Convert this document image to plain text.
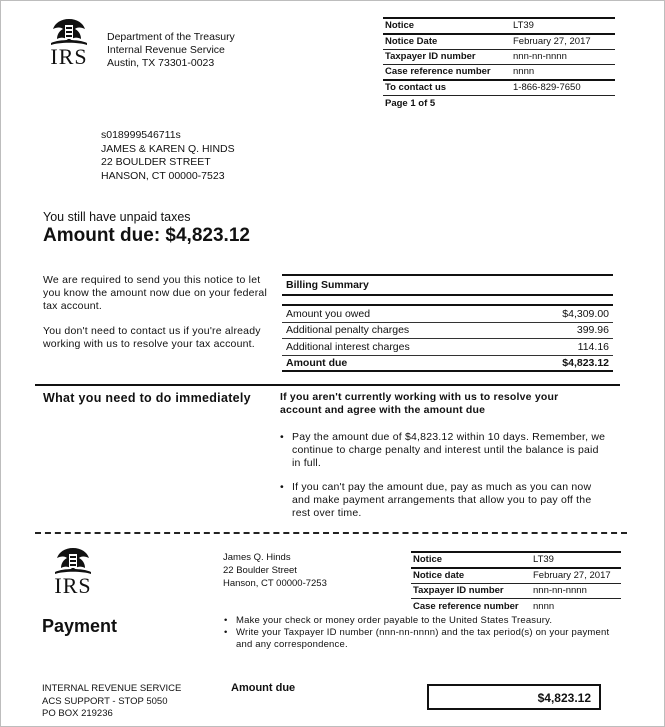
IRS
Department of the Treasury
Internal Revenue Service
Austin, TX 73301-0023
Notice	LT39
Notice Date	February 27, 2017
Taxpayer ID number	nnn-nn-nnnn
Case reference number	nnnn
To contact us	1-866-829-7650
Page 1 of 5	
s018999546711s
JAMES & KAREN Q. HINDS
22 BOULDER STREET
HANSON, CT 00000-7523
You still have unpaid taxes
Amount due: $4,823.12
We are required to send you this notice to let you know the amount now due on your federal tax account.
You don't need to contact us if you're already working with us to resolve your tax account.
Billing Summary
Amount you owed	$4,309.00
Additional penalty charges	399.96
Additional interest charges	114.16
Amount due	$4,823.12
What you need to do immediately	If you aren't currently working with us to resolve your account and agree with the amount due
• Pay the amount due of $4,823.12 within 10 days. Remember, we continue to charge penalty and interest until the balance is paid in full.
• If you can't pay the amount due, pay as much as you can now and make payment arrangements that allow you to pay off the rest over time.
IRS
Payment
James Q. Hinds
22 Boulder Street
Hanson, CT 00000-7253
Notice	LT39
Notice date	February 27, 2017
Taxpayer ID number	nnn-nn-nnnn
Case reference number	nnnn
• Make your check or money order payable to the United States Treasury.
• Write your Taxpayer ID number (nnn-nn-nnnn) and the tax period(s) on your payment and any correspondence.
INTERNAL REVENUE SERVICE
ACS SUPPORT - STOP 5050
PO BOX 219236
Amount due
$4,823.12
